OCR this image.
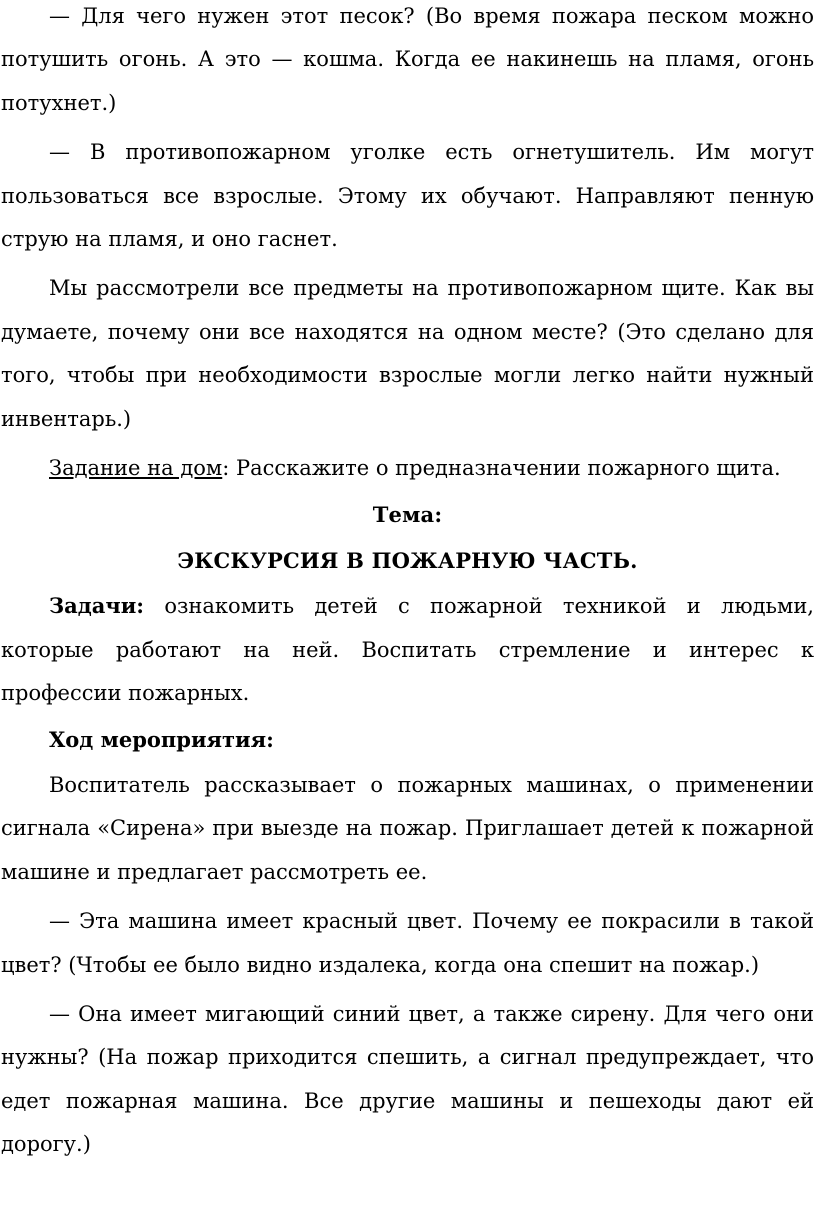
— Для чего нужен этот песок? (Во время пожара песком можно потушить огонь. А это — кошма. Когда ее накинешь на пламя, огонь потухнет.)

— В противопожарном уголке есть огнетушитель. Им могут пользоваться все взрослые. Этому их обучают. Направляют пенную струю на пламя, и оно гаснет.

Мы рассмотрели все предметы на противопожарном щите. Как вы думаете, почему они все находятся на одном месте? (Это сделано для того, чтобы при необходимости взрослые могли легко найти нужный инвентарь.)

Задание на дом: Расскажите о предназначении пожарного щита.

Тема:

ЭКСКУРСИЯ В ПОЖАРНУЮ ЧАСТЬ.

Задачи: ознакомить детей с пожарной техникой и людьми, которые работают на ней. Воспитать стремление и интерес к профессии пожарных.

Ход мероприятия:

Воспитатель рассказывает о пожарных машинах, о применении сигнала «Сирена» при выезде на пожар. Приглашает детей к пожарной машине и предлагает рассмотреть ее.

— Эта машина имеет красный цвет. Почему ее покрасили в такой цвет? (Чтобы ее было видно издалека, когда она спешит на пожар.)

— Она имеет мигающий синий цвет, а также сирену. Для чего они нужны? (На пожар приходится спешить, а сигнал предупреждает, что едет пожарная машина. Все другие машины и пешеходы дают ей дорогу.)
